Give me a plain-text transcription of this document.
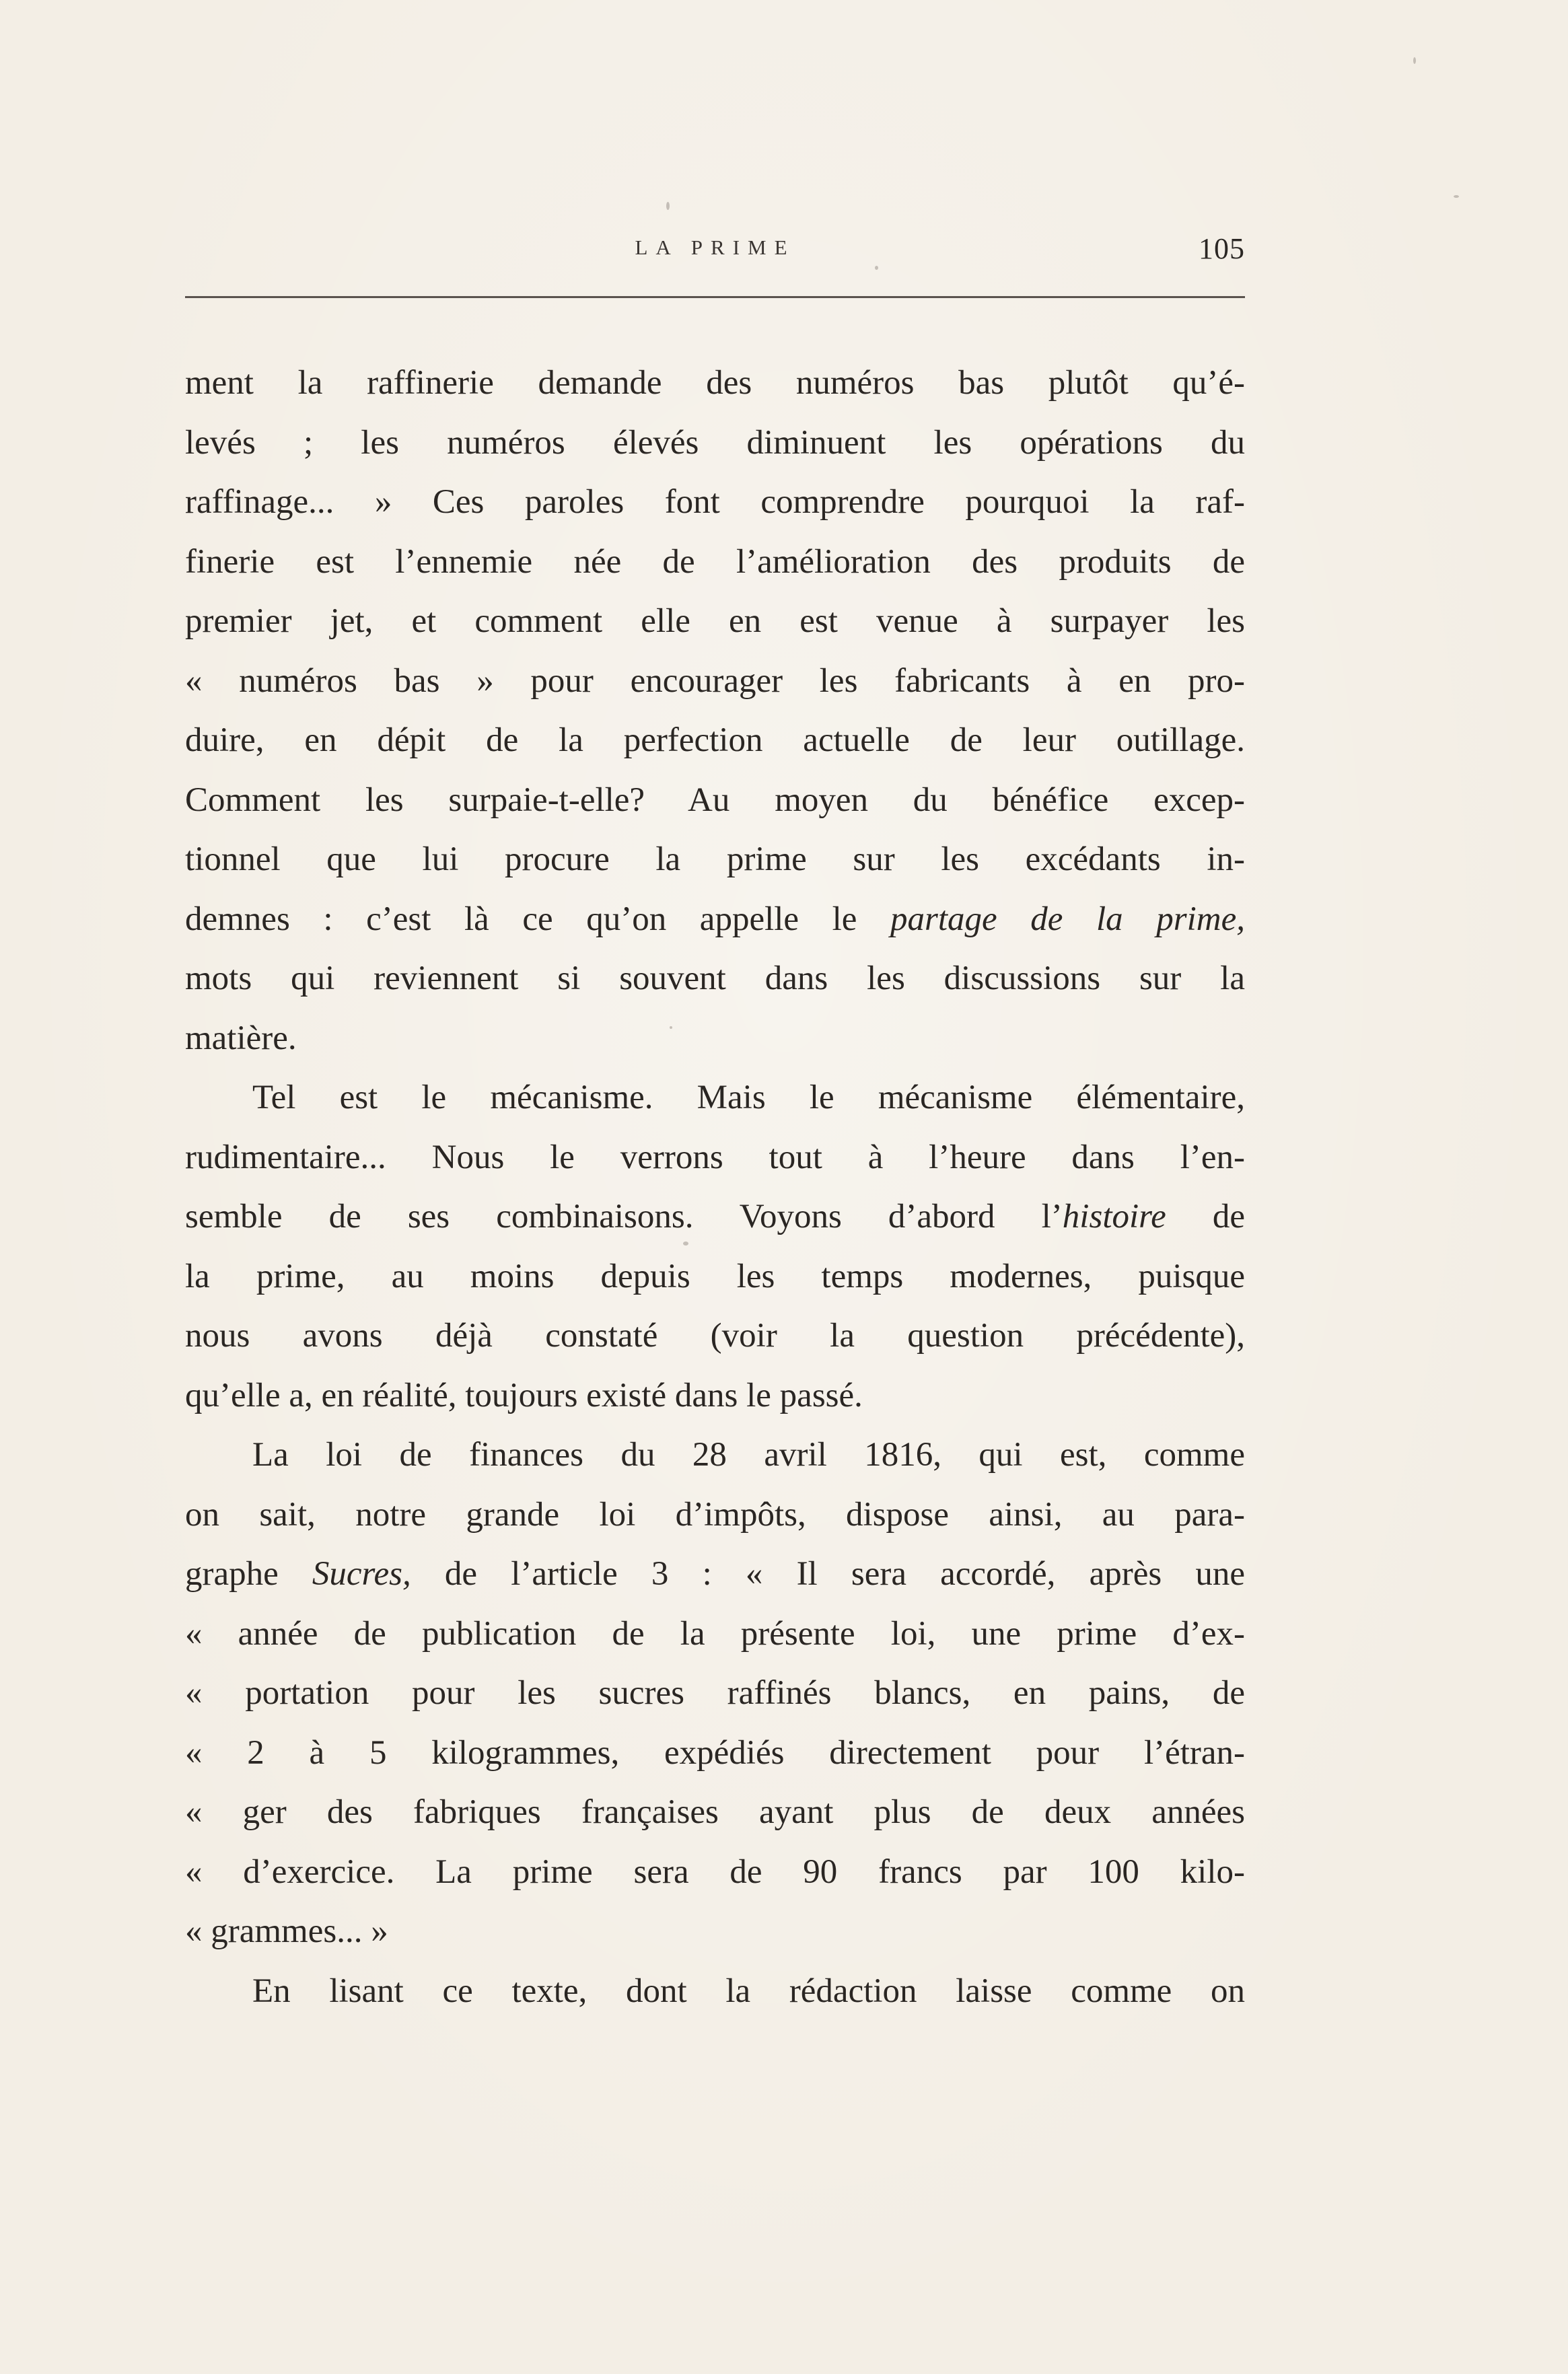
LA PRIME	105
ment la raffinerie demande des numéros bas plutôt qu’é-
levés ; les numéros élevés diminuent les opérations du
raffinage... » Ces paroles font comprendre pourquoi la raf-
finerie est l’ennemie née de l’amélioration des produits de
premier jet, et comment elle en est venue à surpayer les
« numéros bas » pour encourager les fabricants à en pro-
duire, en dépit de la perfection actuelle de leur outillage.
Comment les surpaie-t-elle? Au moyen du bénéfice excep-
tionnel que lui procure la prime sur les excédants in-
demnes : c’est là ce qu’on appelle le partage de la prime,
mots qui reviennent si souvent dans les discussions sur la
matière.
Tel est le mécanisme. Mais le mécanisme élémentaire,
rudimentaire... Nous le verrons tout à l’heure dans l’en-
semble de ses combinaisons. Voyons d’abord l’histoire de
la prime, au moins depuis les temps modernes, puisque
nous avons déjà constaté (voir la question précédente),
qu’elle a, en réalité, toujours existé dans le passé.
La loi de finances du 28 avril 1816, qui est, comme
on sait, notre grande loi d’impôts, dispose ainsi, au para-
graphe Sucres, de l’article 3 : « Il sera accordé, après une
« année de publication de la présente loi, une prime d’ex-
« portation pour les sucres raffinés blancs, en pains, de
« 2 à 5 kilogrammes, expédiés directement pour l’étran-
« ger des fabriques françaises ayant plus de deux années
« d’exercice. La prime sera de 90 francs par 100 kilo-
« grammes... »
En lisant ce texte, dont la rédaction laisse comme on
